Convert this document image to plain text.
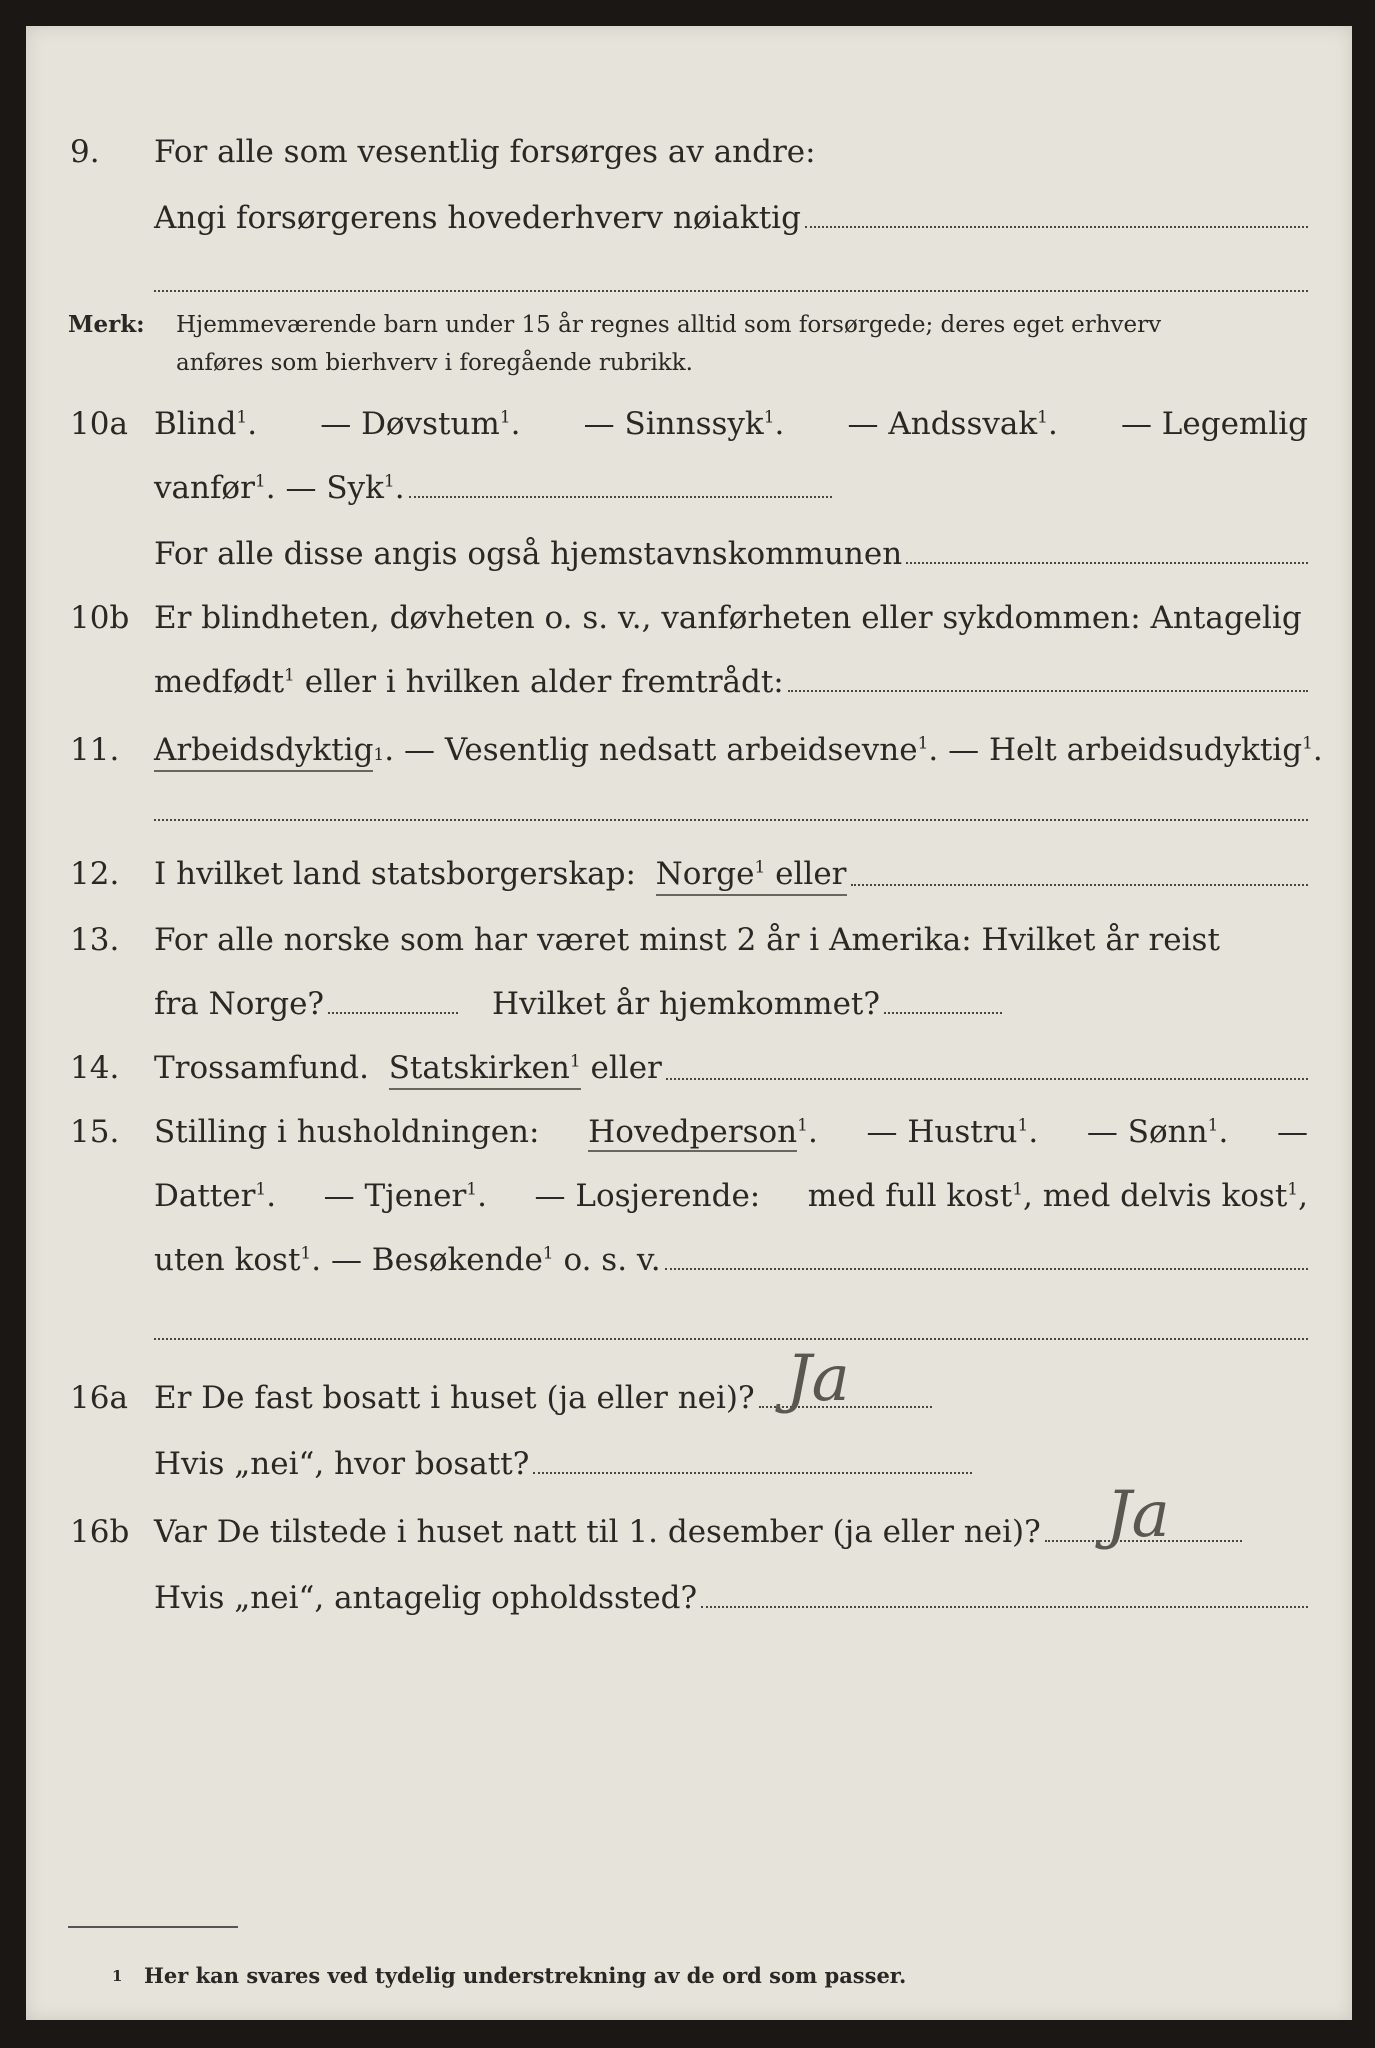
9. For alle som vesentlig forsørges av andre:
Angi forsørgerens hovederhverv nøiaktig
Merk: Hjemmeværende barn under 15 år regnes alltid som forsørgede; deres eget erhverv
anføres som bierhverv i foregående rubrikk.
10a Blind$^1$. — Døvstum$^1$. — Sinnssyk$^1$. — Andssvak$^1$. — Legemlig
vanfør$^1$.
— Syk$^1$.
For alle disse angis også hjemstavnskommunen
10b Er blindheten, døvheten o. s. v., vanførheten eller sykdommen: Antagelig
medfødt$^1$
eller i hvilken alder fremtrådt:
11. Arbeidsdyktig 1 . — Vesentlig nedsatt arbeidsevne$^1$.
— Helt arbeidsudyktig$^1$.
12. I hvilket land statsborgerskap:
Norge$^1$ eller
13. For alle norske som har været minst 2 år i Amerika: Hvilket år reist
fra Norge?	Hvilket år hjemkommet?
14. Trossamfund.
Statskirken$^1$
eller
15. Stilling i husholdningen: Hovedperson$^1$. — Hustru$^1$. — Sønn$^1$. —
Datter$^1$. — Tjener$^1$. — Losjerende: med full kost$^1$, med delvis kost$^1$,
uten kost$^1$.
— Besøkende$^1$
o. s. v.
16a Er De fast bosatt i huset (ja eller nei)? Ja
Hvis „nei“, hvor bosatt?
16b Var De tilstede i huset natt til 1. desember (ja eller nei)? Ja
Hvis „nei“, antagelig opholdssted?
1 Her kan svares ved tydelig understrekning av de ord som passer.
